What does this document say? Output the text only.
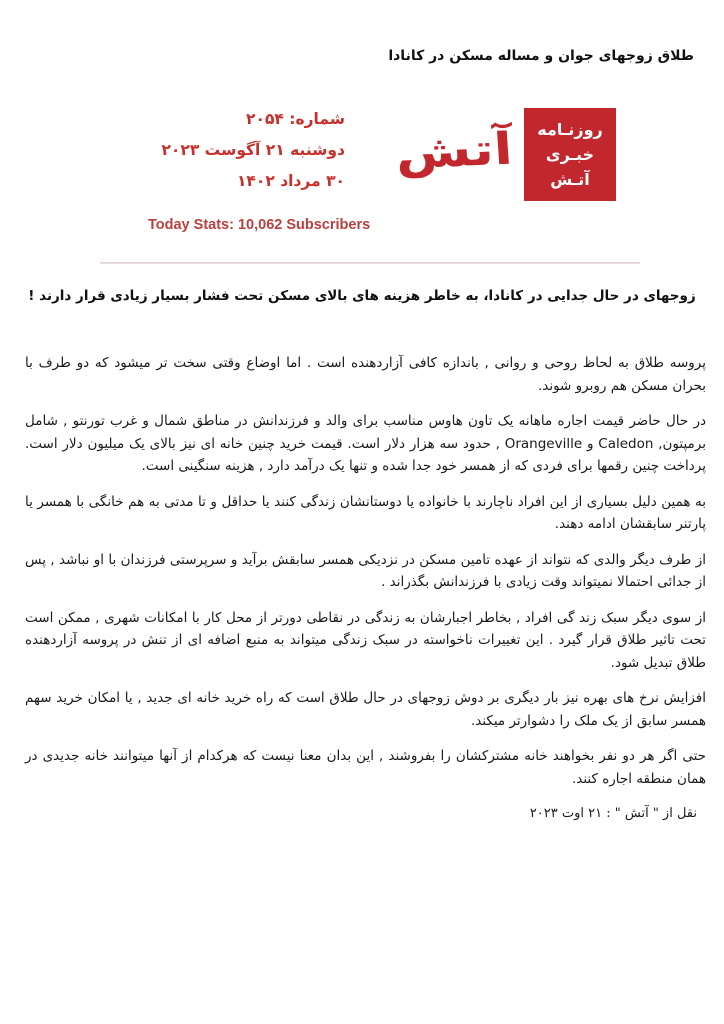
طلاق زوجهای جوان و مساله مسکن در کانادا
روزنـامه
خبـری
آتـش
آتش
شماره: ۲۰۵۴
دوشنبه ۲۱ آگوست ۲۰۲۳
۳۰ مرداد ۱۴۰۲
Today Stats: 10,062 Subscribers
زوجهای در حال جدایی در کانادا، به خاطر هزینه های بالای مسکن تحت فشار بسیار زیادی قرار دارند !

پروسه طلاق به لحاظ روحی و روانی , باندازه کافی آزاردهنده است . اما اوضاع وقتی سخت تر میشود که دو طرف با بحران مسکن هم روبرو شوند.

در حال حاضر قیمت اجاره ماهانه یک تاون هاوس مناسب برای والد و فرزندانش در مناطق شمال و غرب تورنتو , شامل برمپتون, Caledon و Orangeville , حدود سه هزار دلار است. قیمت خرید چنین خانه ای نیز بالای یک میلیون دلار است. پرداخت چنین رقمها برای فردی که از همسر خود جدا شده و تنها یک درآمد دارد , هزینه سنگینی است.

به همین دلیل بسیاری از این افراد ناچارند با خانواده یا دوستانشان زندگی کنند یا حداقل و تا مدتی به هم خانگی با همسر یا پارتنر سابقشان ادامه دهند.

از طرف دیگر والدی که نتواند از عهده تامین مسکن در نزدیکی همسر سابقش برآید و سرپرستی فرزندان با او نباشد , پس از جدائی احتمالا نمیتواند وقت زیادی با فرزندانش بگذراند .

از سوی دیگر سبک زند گی افراد , بخاطر اجبارشان به زندگی در نقاطی دورتر از محل کار با امکانات شهری , ممکن است تحت تاثیر طلاق قرار گیرد . این تغییرات ناخواسته در سبک زندگی میتواند به منبع اضافه ای از تنش در پروسه آزاردهنده طلاق تبدیل شود.

افزایش نرخ های بهره نیز بار دیگری بر دوش زوجهای در حال طلاق است که راه خرید خانه ای جدید , یا امکان خرید سهم همسر سابق از یک ملک را دشوارتر میکند.

حتی اگر هر دو نفر بخواهند خانه مشترکشان را بفروشند , این بدان معنا نیست که هرکدام از آنها میتوانند خانه جدیدی در همان منطقه اجاره کنند.

نقل از " آتش " : ۲۱ اوت ۲۰۲۳
